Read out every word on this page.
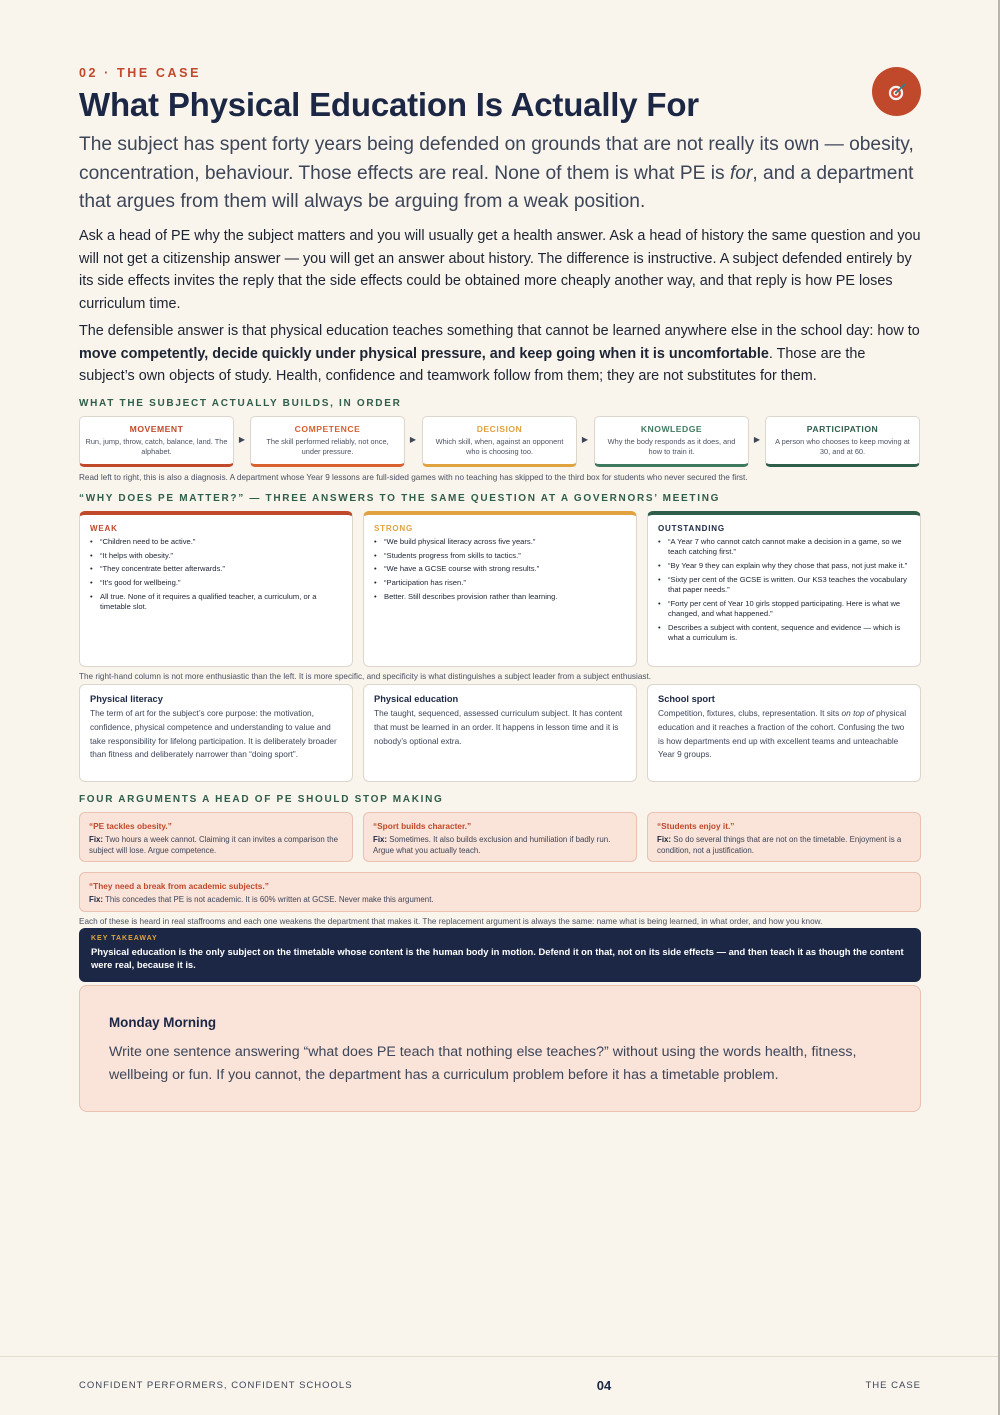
02 · THE CASE
What Physical Education Is Actually For

The subject has spent forty years being defended on grounds that are not really its own — obesity, concentration, behaviour. Those effects are real. None of them is what PE is for, and a department that argues from them will always be arguing from a weak position.

Ask a head of PE why the subject matters and you will usually get a health answer. Ask a head of history the same question and you will not get a citizenship answer — you will get an answer about history. The difference is instructive. A subject defended entirely by its side effects invites the reply that the side effects could be obtained more cheaply another way, and that reply is how PE loses curriculum time.

The defensible answer is that physical education teaches something that cannot be learned anywhere else in the school day: how to move competently, decide quickly under physical pressure, and keep going when it is uncomfortable. Those are the subject’s own objects of study. Health, confidence and teamwork follow from them; they are not substitutes for them.

WHAT THE SUBJECT ACTUALLY BUILDS, IN ORDER
MOVEMENT
Run, jump, throw, catch, balance, land. The alphabet.
▶
COMPETENCE
The skill performed reliably, not once, under pressure.
▶
DECISION
Which skill, when, against an opponent who is choosing too.
▶
KNOWLEDGE
Why the body responds as it does, and how to train it.
▶
PARTICIPATION
A person who chooses to keep moving at 30, and at 60.
Read left to right, this is also a diagnosis. A department whose Year 9 lessons are full-sided games with no teaching has skipped to the third box for students who never secured the first.
“WHY DOES PE MATTER?” — THREE ANSWERS TO THE SAME QUESTION AT A GOVERNORS’ MEETING
WEAK
• “Children need to be active.”
• “It helps with obesity.”
• “They concentrate better afterwards.”
• “It’s good for wellbeing.”
• All true. None of it requires a qualified teacher, a curriculum, or a timetable slot.
STRONG
• “We build physical literacy across five years.”
• “Students progress from skills to tactics.”
• “We have a GCSE course with strong results.”
• “Participation has risen.”
• Better. Still describes provision rather than learning.
OUTSTANDING
• “A Year 7 who cannot catch cannot make a decision in a game, so we teach catching first.”
• “By Year 9 they can explain why they chose that pass, not just make it.”
• “Sixty per cent of the GCSE is written. Our KS3 teaches the vocabulary that paper needs.”
• “Forty per cent of Year 10 girls stopped participating. Here is what we changed, and what happened.”
• Describes a subject with content, sequence and evidence — which is what a curriculum is.
The right-hand column is not more enthusiastic than the left. It is more specific, and specificity is what distinguishes a subject leader from a subject enthusiast.
Physical literacy
The term of art for the subject’s core purpose: the motivation, confidence, physical competence and understanding to value and take responsibility for lifelong participation. It is deliberately broader than fitness and deliberately narrower than “doing sport”.
Physical education
The taught, sequenced, assessed curriculum subject. It has content that must be learned in an order. It happens in lesson time and it is nobody’s optional extra.
School sport
Competition, fixtures, clubs, representation. It sits on top of physical education and it reaches a fraction of the cohort. Confusing the two is how departments end up with excellent teams and unteachable Year 9 groups.
FOUR ARGUMENTS A HEAD OF PE SHOULD STOP MAKING
“PE tackles obesity.”
Fix: Two hours a week cannot. Claiming it can invites a comparison the subject will lose. Argue competence.
“Sport builds character.”
Fix: Sometimes. It also builds exclusion and humiliation if badly run. Argue what you actually teach.
“Students enjoy it.”
Fix: So do several things that are not on the timetable. Enjoyment is a condition, not a justification.
“They need a break from academic subjects.”
Fix: This concedes that PE is not academic. It is 60% written at GCSE. Never make this argument.
Each of these is heard in real staffrooms and each one weakens the department that makes it. The replacement argument is always the same: name what is being learned, in what order, and how you know.
KEY TAKEAWAY
Physical education is the only subject on the timetable whose content is the human body in motion. Defend it on that, not on its side effects — and then teach it as though the content were real, because it is.
Monday Morning
Write one sentence answering “what does PE teach that nothing else teaches?” without using the words health, fitness, wellbeing or fun. If you cannot, the department has a curriculum problem before it has a timetable problem.
CONFIDENT PERFORMERS, CONFIDENT SCHOOLS	04	THE CASE
